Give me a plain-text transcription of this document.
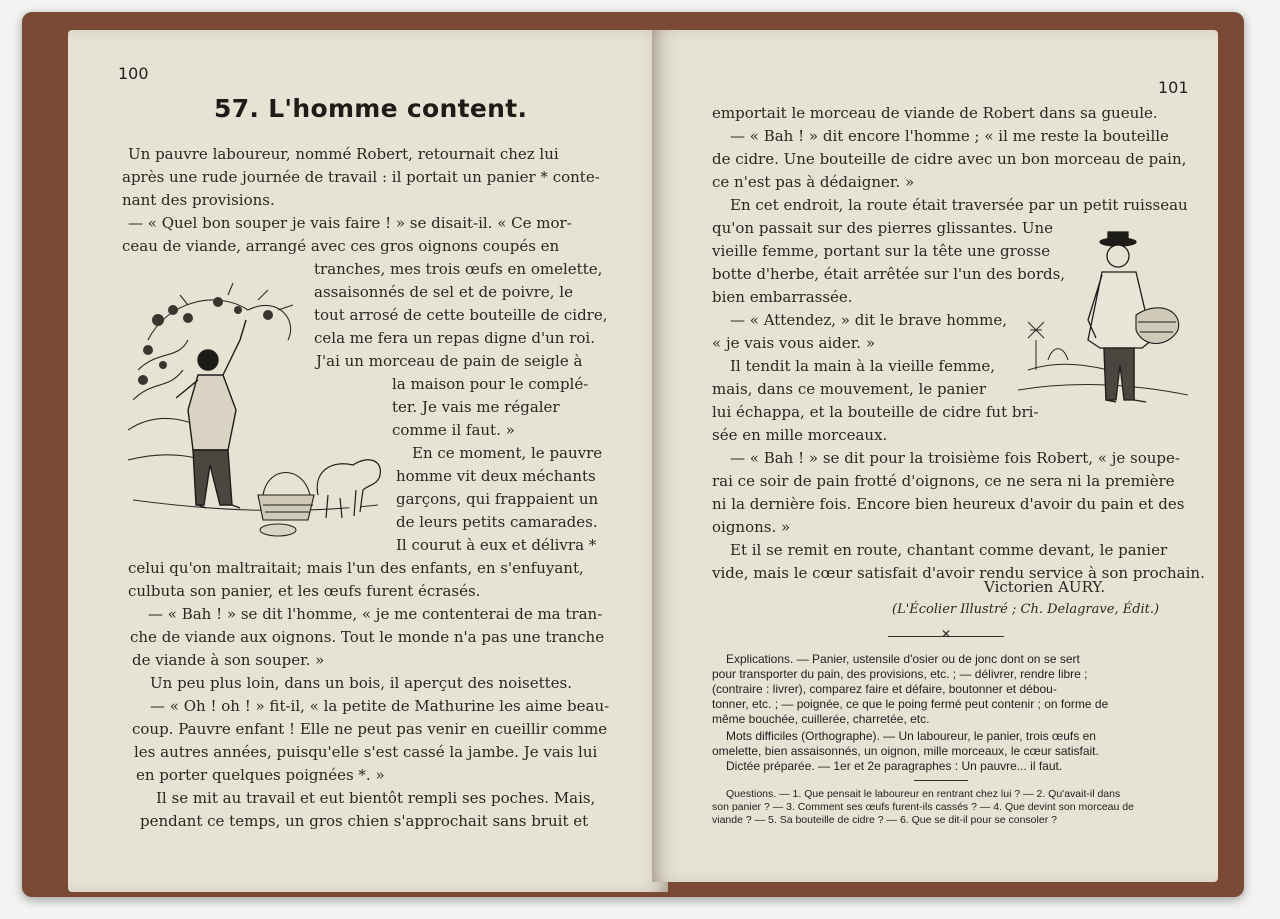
100
57. L'homme content.
Un pauvre laboureur, nommé Robert, retournait chez lui
après une rude journée de travail : il portait un panier * conte-
nant des provisions.
— « Quel bon souper je vais faire ! » se disait-il. « Ce mor-
ceau de viande, arrangé avec ces gros oignons coupés en
tranches, mes trois œufs en omelette,
assaisonnés de sel et de poivre, le
tout arrosé de cette bouteille de cidre,
cela me fera un repas digne d'un roi.
J'ai un morceau de pain de seigle à
la maison pour le complé-
ter. Je vais me régaler
comme il faut. »
En ce moment, le pauvre
homme vit deux méchants
garçons, qui frappaient un
de leurs petits camarades.
Il courut à eux et délivra *
celui qu'on maltraitait; mais l'un des enfants, en s'enfuyant,
culbuta son panier, et les œufs furent écrasés.
— « Bah ! » se dit l'homme, « je me contenterai de ma tran-
che de viande aux oignons. Tout le monde n'a pas une tranche
de viande à son souper. »
Un peu plus loin, dans un bois, il aperçut des noisettes.
— « Oh ! oh ! » fit-il, « la petite de Mathurine les aime beau-
coup. Pauvre enfant ! Elle ne peut pas venir en cueillir comme
les autres années, puisqu'elle s'est cassé la jambe. Je vais lui
en porter quelques poignées *. »
Il se mit au travail et eut bientôt rempli ses poches. Mais,
pendant ce temps, un gros chien s'approchait sans bruit et
101
emportait le morceau de viande de Robert dans sa gueule.
— « Bah ! » dit encore l'homme ; « il me reste la bouteille
de cidre. Une bouteille de cidre avec un bon morceau de pain,
ce n'est pas à dédaigner. »
En cet endroit, la route était traversée par un petit ruisseau
qu'on passait sur des pierres glissantes. Une
vieille femme, portant sur la tête une grosse
botte d'herbe, était arrêtée sur l'un des bords,
bien embarrassée.
— « Attendez, » dit le brave homme,
« je vais vous aider. »
Il tendit la main à la vieille femme,
mais, dans ce mouvement, le panier
lui échappa, et la bouteille de cidre fut bri-
sée en mille morceaux.
— « Bah ! » se dit pour la troisième fois Robert, « je soupe-
rai ce soir de pain frotté d'oignons, ce ne sera ni la première
ni la dernière fois. Encore bien heureux d'avoir du pain et des
oignons. »
Et il se remit en route, chantant comme devant, le panier
vide, mais le cœur satisfait d'avoir rendu service à son prochain.
Victorien AURY.
(L'Écolier Illustré ; Ch. Delagrave, Édit.)
✕
Explications. — Panier, ustensile d'osier ou de jonc dont on se sert
pour transporter du pain, des provisions, etc. ; — délivrer, rendre libre ;
(contraire : livrer), comparez faire et défaire, boutonner et débou-
tonner, etc. ; — poignée, ce que le poing fermé peut contenir ; on forme de
même bouchée, cuillerée, charretée, etc.
Mots difficiles (Orthographe). — Un laboureur, le panier, trois œufs en
omelette, bien assaisonnés, un oignon, mille morceaux, le cœur satisfait.
Dictée préparée. — 1er et 2e paragraphes : Un pauvre... il faut.
Questions. — 1. Que pensait le laboureur en rentrant chez lui ? — 2. Qu'avait-il dans
son panier ? — 3. Comment ses œufs furent-ils cassés ? — 4. Que devint son morceau de
viande ? — 5. Sa bouteille de cidre ? — 6. Que se dit-il pour se consoler ?
